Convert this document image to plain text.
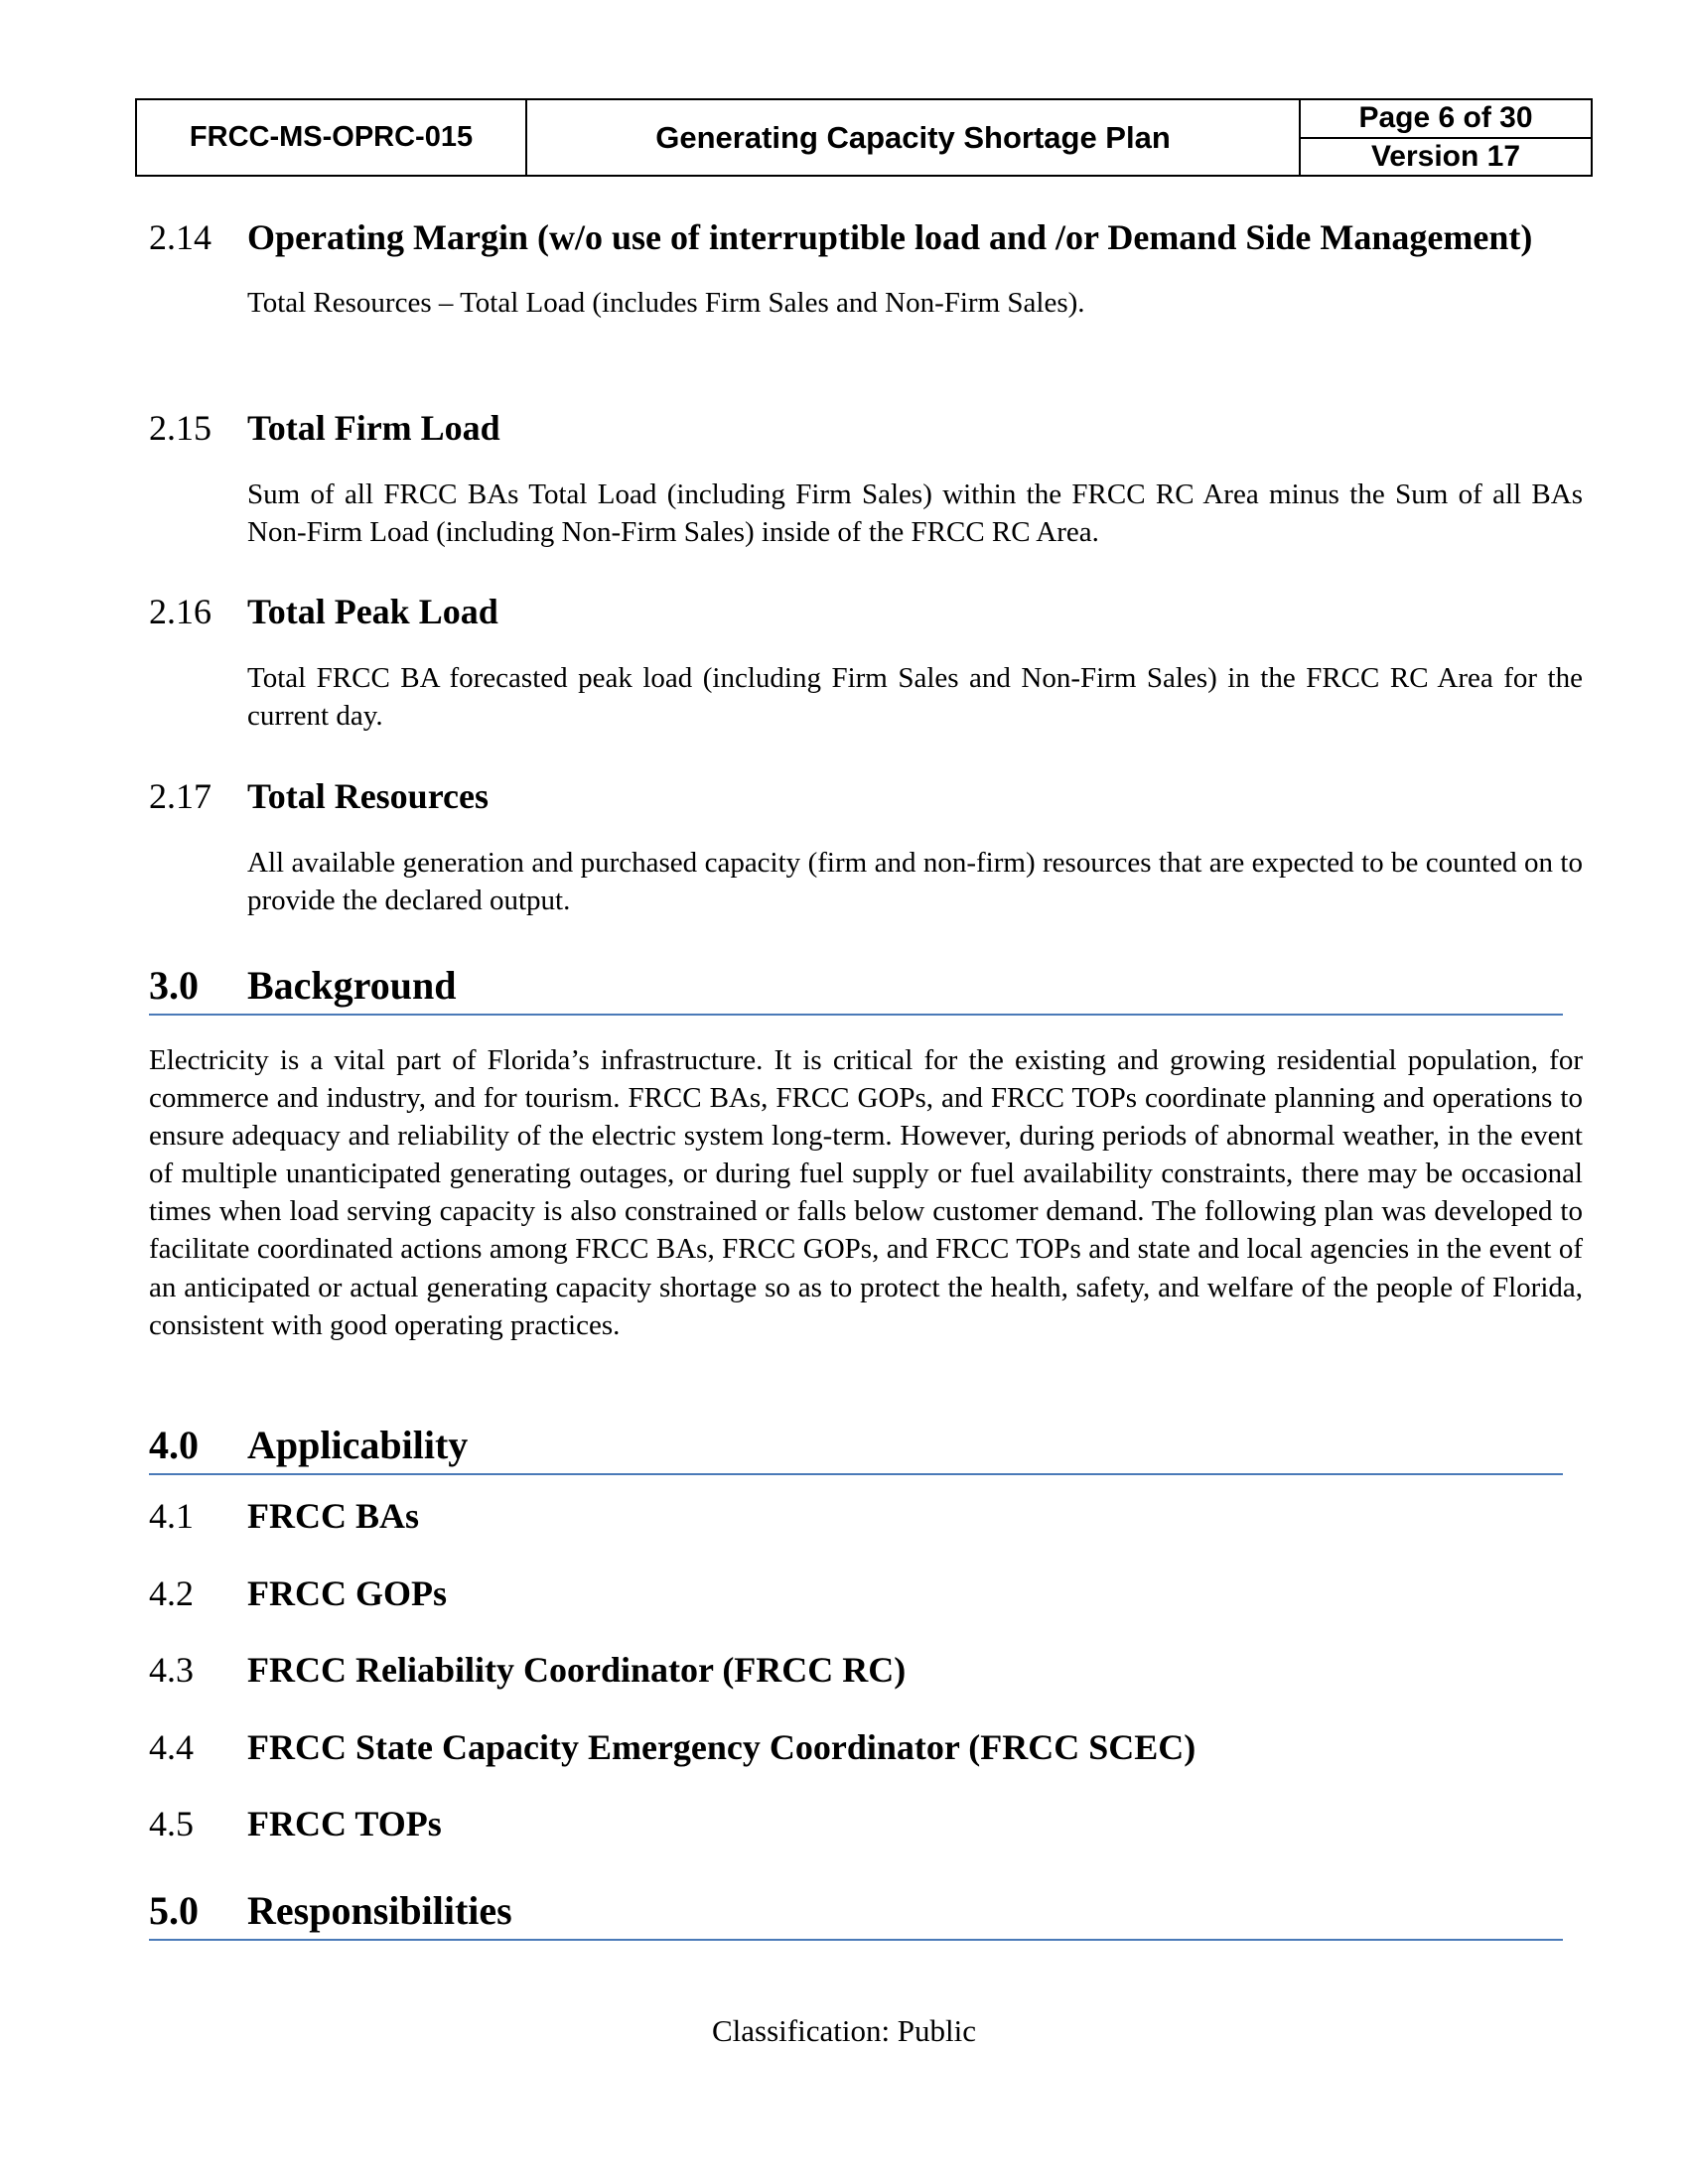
FRCC-MS-OPRC-015	Generating Capacity Shortage Plan
Page 6 of 30
Version 17
2.14	Operating Margin (w/o use of interruptible load and /or Demand Side Management)
Total Resources – Total Load (includes Firm Sales and Non-Firm Sales).
2.15	Total Firm Load
Sum of all FRCC BAs Total Load (including Firm Sales) within the FRCC RC Area minus the Sum of all BAs Non-Firm Load (including Non-Firm Sales) inside of the FRCC RC Area.
2.16	Total Peak Load
Total FRCC BA forecasted peak load (including Firm Sales and Non-Firm Sales) in the FRCC RC Area for the current day.
2.17	Total Resources
All available generation and purchased capacity (firm and non-firm) resources that are expected to be counted on to provide the declared output.
3.0 Background
Electricity is a vital part of Florida’s infrastructure. It is critical for the existing and growing residential population, for commerce and industry, and for tourism. FRCC BAs, FRCC GOPs, and FRCC TOPs coordinate planning and operations to ensure adequacy and reliability of the electric system long-term. However, during periods of abnormal weather, in the event of multiple unanticipated generating outages, or during fuel supply or fuel availability constraints, there may be occasional times when load serving capacity is also constrained or falls below customer demand. The following plan was developed to facilitate coordinated actions among FRCC BAs, FRCC GOPs, and FRCC TOPs and state and local agencies in the event of an anticipated or actual generating capacity shortage so as to protect the health, safety, and welfare of the people of Florida, consistent with good operating practices.
4.0 Applicability
4.1	FRCC BAs
4.2	FRCC GOPs
4.3	FRCC Reliability Coordinator (FRCC RC)
4.4	FRCC State Capacity Emergency Coordinator (FRCC SCEC)
4.5	FRCC TOPs
5.0 Responsibilities
Classification: Public
